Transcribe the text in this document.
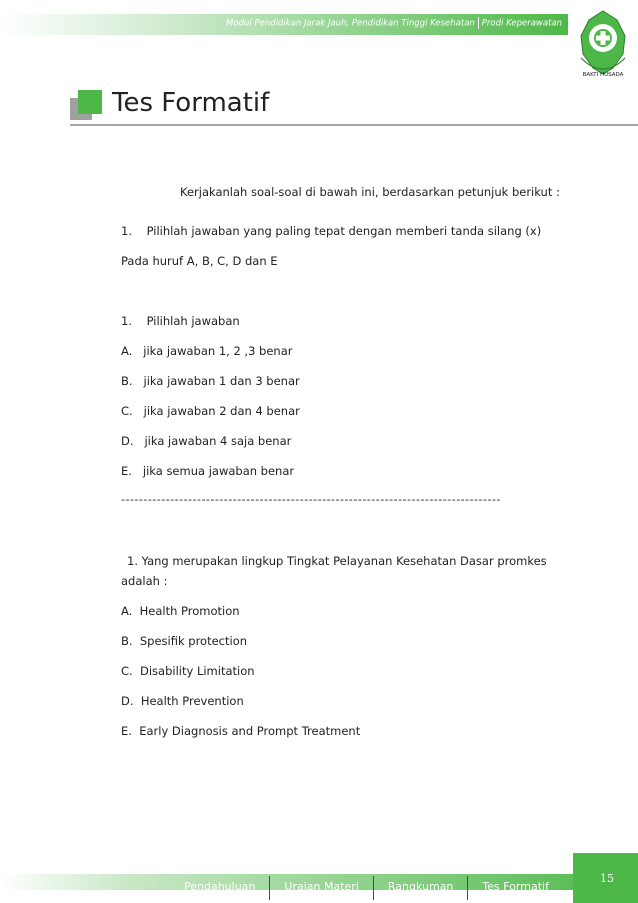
Modul Pendidikan Jarak Jauh, Pendidikan Tinggi Kesehatan Prodi Keperawatan
BAKTI HUSADA
Tes Formatif
Kerjakanlah soal-soal di bawah ini, berdasarkan petunjuk berikut :
1. Pilihlah jawaban yang paling tepat dengan memberi tanda silang (x)
Pada huruf A, B, C, D dan E
1. Pilihlah jawaban
A. jika jawaban 1, 2 ,3 benar
B. jika jawaban 1 dan 3 benar
C. jika jawaban 2 dan 4 benar
D. jika jawaban 4 saja benar
E. jika semua jawaban benar
1. Yang merupakan lingkup Tingkat Pelayanan Kesehatan Dasar promkes
adalah :
A. Health Promotion
B. Spesifik protection
C. Disability Limitation
D. Health Prevention
E. Early Diagnosis and Prompt Treatment
-------------------------------------------------------------------------------------
15
Pendahuluan	Uraian Materi	Rangkuman	Tes Formatif
